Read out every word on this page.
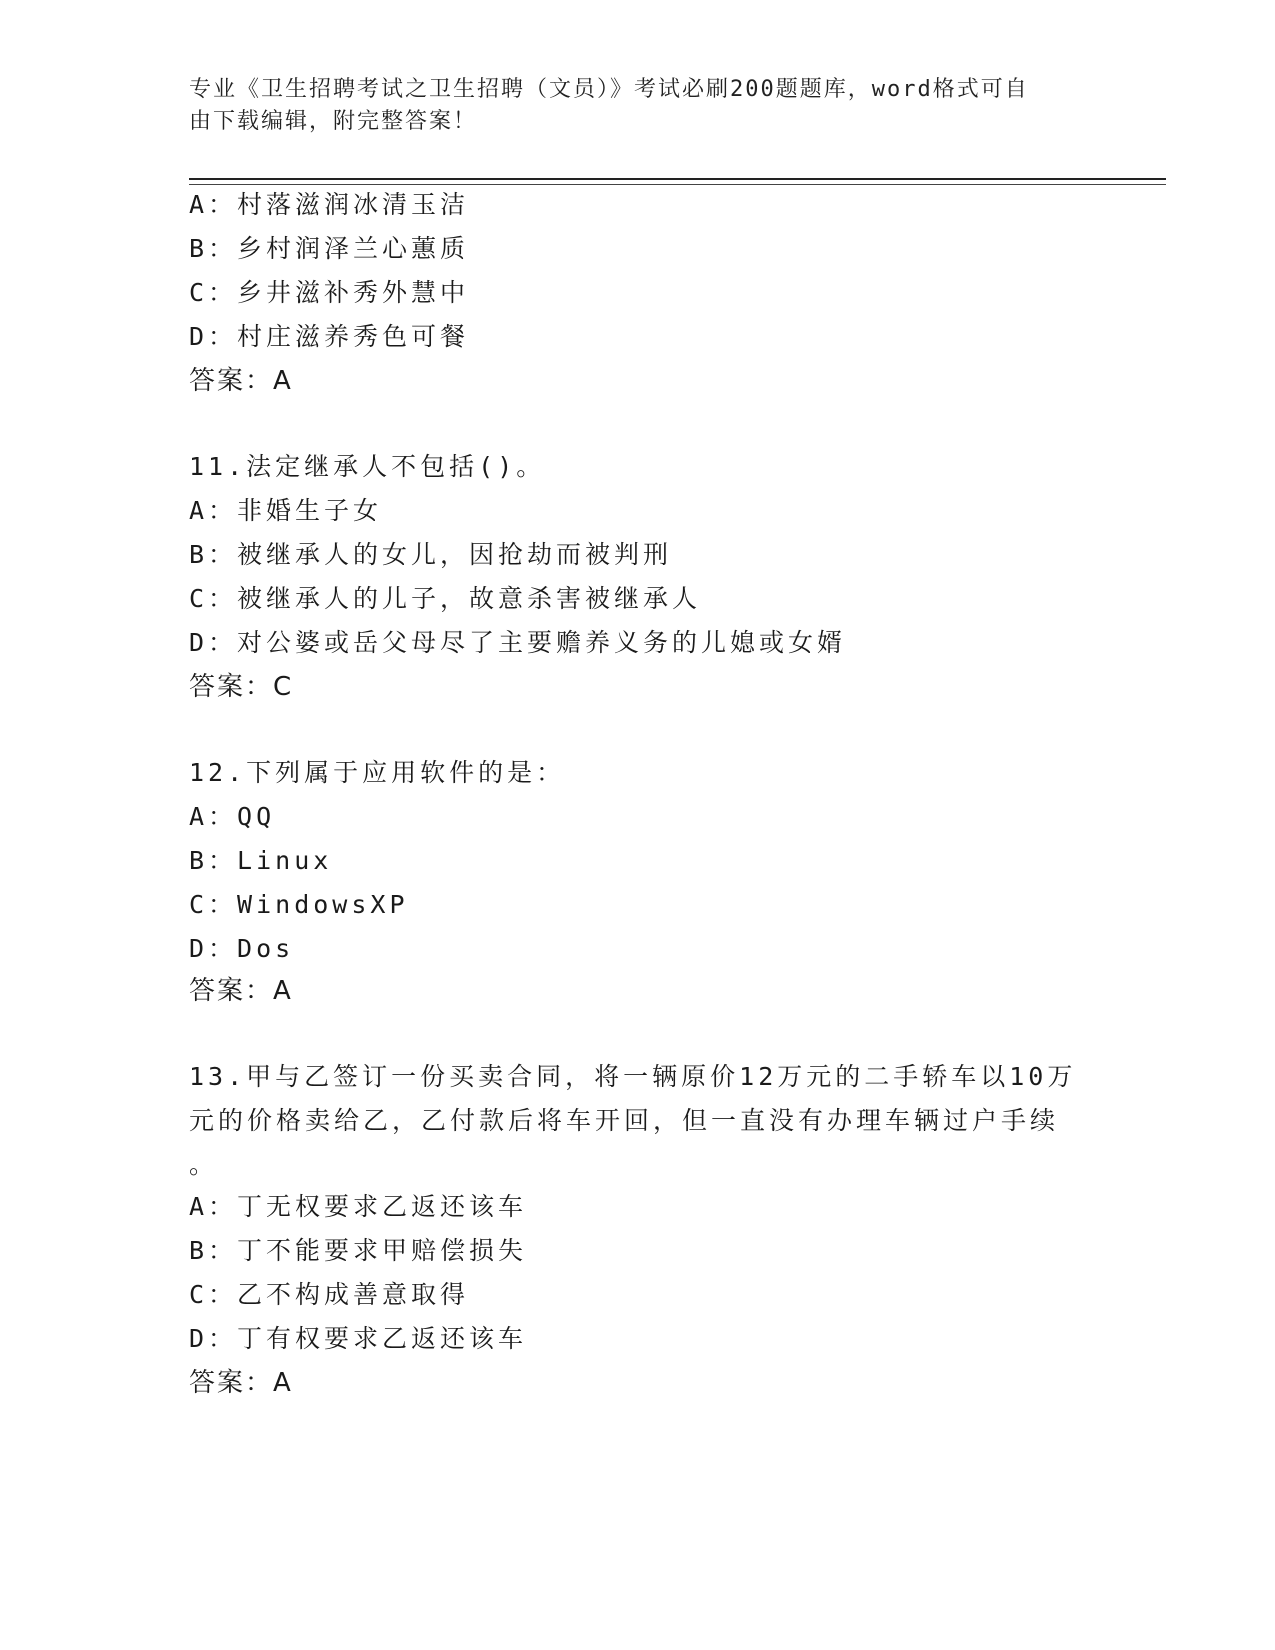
专业《卫生招聘考试之卫生招聘（文员）》考试必刷200题题库，word格式可自
由下载编辑，附完整答案！
A：村落滋润冰清玉洁
B：乡村润泽兰心蕙质
C：乡井滋补秀外慧中
D：村庄滋养秀色可餐
答案：A
11.法定继承人不包括()。
A：非婚生子女
B：被继承人的女儿，因抢劫而被判刑
C：被继承人的儿子，故意杀害被继承人
D：对公婆或岳父母尽了主要赡养义务的儿媳或女婿
答案：C
12.下列属于应用软件的是：
A：QQ
B：Linux
C：WindowsXP
D：Dos
答案：A
13.甲与乙签订一份买卖合同，将一辆原价12万元的二手轿车以10万
元的价格卖给乙，乙付款后将车开回，但一直没有办理车辆过户手续
。
A：丁无权要求乙返还该车
B：丁不能要求甲赔偿损失
C：乙不构成善意取得
D：丁有权要求乙返还该车
答案：A
